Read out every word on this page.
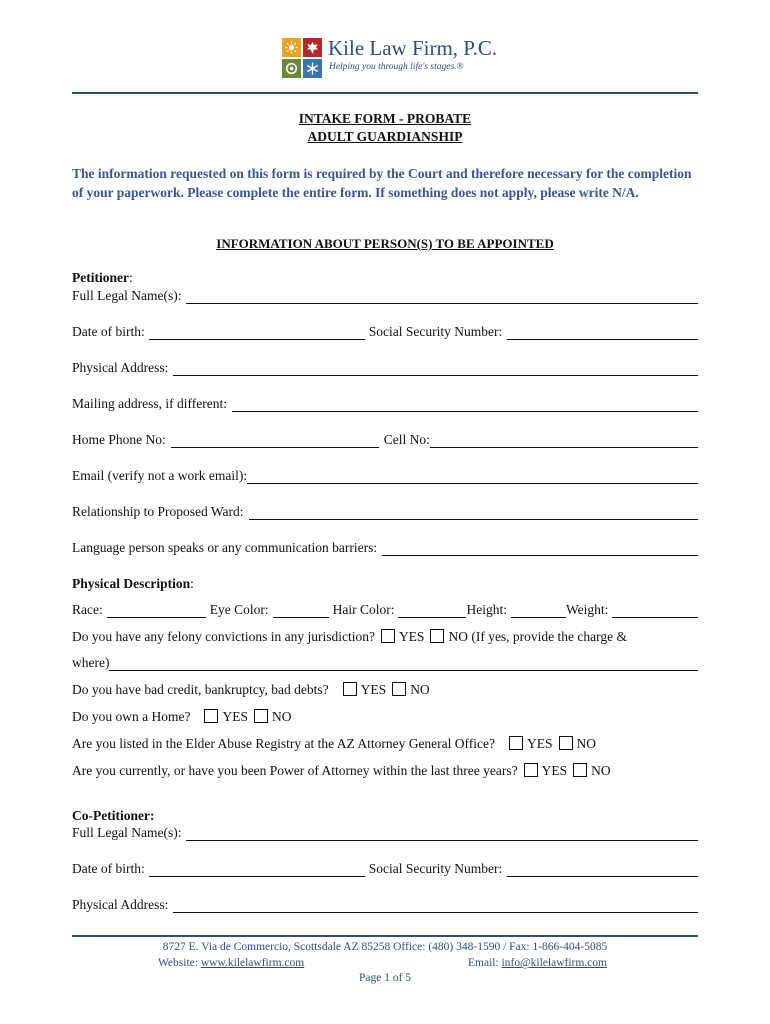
Kile Law Firm, P.C.
Helping you through life's stages.®
INTAKE FORM - PROBATE
ADULT GUARDIANSHIP
The information requested on this form is required by the Court and therefore necessary for the completion of your paperwork. Please complete the entire form. If something does not apply, please write N/A.
INFORMATION ABOUT PERSON(S) TO BE APPOINTED
Petitioner :
Full Legal Name(s):
Date of birth:	Social Security Number:
Physical Address:
Mailing address, if different:
Home Phone No:	Cell No:
Email (verify not a work email):
Relationship to Proposed Ward:
Language person speaks or any communication barriers:
Physical Description :
Race:	Eye Color:	Hair Color:	Height:	Weight:
Do you have any felony convictions in any jurisdiction? YES NO (If yes, provide the charge &
where)
Do you have bad credit, bankruptcy, bad debts? YES NO
Do you own a Home? YES NO
Are you listed in the Elder Abuse Registry at the AZ Attorney General Office? YES NO
Are you currently, or have you been Power of Attorney within the last three years? YES NO
Co-Petitioner:
Full Legal Name(s):
Date of birth:	Social Security Number:
Physical Address:
8727 E. Via de Commercio, Scottsdale AZ 85258 Office: (480) 348-1590 / Fax: 1-866-404-5085
Website: www.kilelawfirm.com	Email: info@kilelawfirm.com
Page 1 of 5
